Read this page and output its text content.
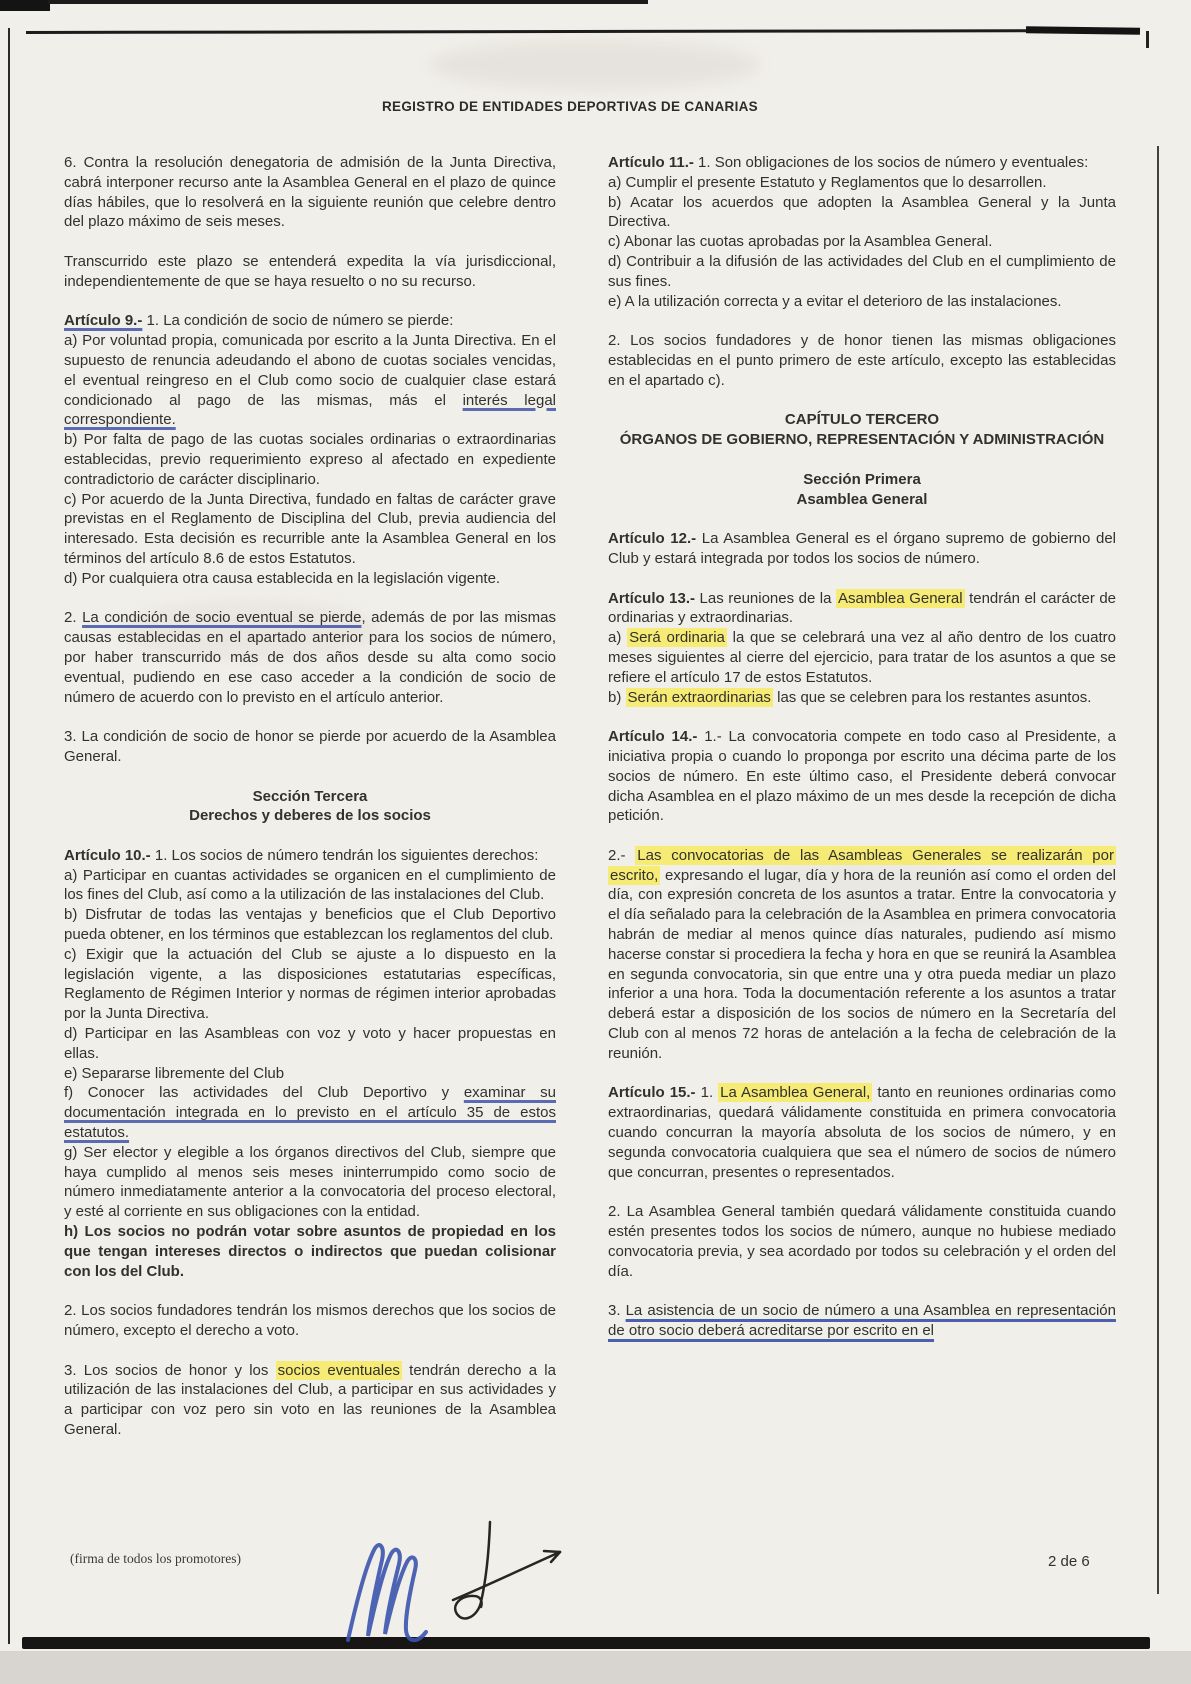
REGISTRO DE ENTIDADES DEPORTIVAS DE CANARIAS

6. Contra la resolución denegatoria de admisión de la Junta Directiva, cabrá interponer recurso ante la Asamblea General en el plazo de quince días hábiles, que lo resolverá en la siguiente reunión que celebre dentro del plazo máximo de seis meses.

Transcurrido este plazo se entenderá expedita la vía jurisdiccional, independientemente de que se haya resuelto o no su recurso.

Artículo 9.- 1. La condición de socio de número se pierde:

a) Por voluntad propia, comunicada por escrito a la Junta Directiva. En el supuesto de renuncia adeudando el abono de cuotas sociales vencidas, el eventual reingreso en el Club como socio de cualquier clase estará condicionado al pago de las mismas, más el interés legal correspondiente.

b) Por falta de pago de las cuotas sociales ordinarias o extraordinarias establecidas, previo requerimiento expreso al afectado en expediente contradictorio de carácter disciplinario.

c) Por acuerdo de la Junta Directiva, fundado en faltas de carácter grave previstas en el Reglamento de Disciplina del Club, previa audiencia del interesado. Esta decisión es recurrible ante la Asamblea General en los términos del artículo 8.6 de estos Estatutos.

d) Por cualquiera otra causa establecida en la legislación vigente.

2. La condición de socio eventual se pierde, además de por las mismas causas establecidas en el apartado anterior para los socios de número, por haber transcurrido más de dos años desde su alta como socio eventual, pudiendo en ese caso acceder a la condición de socio de número de acuerdo con lo previsto en el artículo anterior.

3. La condición de socio de honor se pierde por acuerdo de la Asamblea General.

Sección Tercera

Derechos y deberes de los socios

Artículo 10.- 1. Los socios de número tendrán los siguientes derechos:

a) Participar en cuantas actividades se organicen en el cumplimiento de los fines del Club, así como a la utilización de las instalaciones del Club.

b) Disfrutar de todas las ventajas y beneficios que el Club Deportivo pueda obtener, en los términos que establezcan los reglamentos del club.

c) Exigir que la actuación del Club se ajuste a lo dispuesto en la legislación vigente, a las disposiciones estatutarias específicas, Reglamento de Régimen Interior y normas de régimen interior aprobadas por la Junta Directiva.

d) Participar en las Asambleas con voz y voto y hacer propuestas en ellas.

e) Separarse libremente del Club

f) Conocer las actividades del Club Deportivo y examinar su documentación integrada en lo previsto en el artículo 35 de estos estatutos.

g) Ser elector y elegible a los órganos directivos del Club, siempre que haya cumplido al menos seis meses ininterrumpido como socio de número inmediatamente anterior a la convocatoria del proceso electoral, y esté al corriente en sus obligaciones con la entidad.

h) Los socios no podrán votar sobre asuntos de propiedad en los que tengan intereses directos o indirectos que puedan colisionar con los del Club.

2. Los socios fundadores tendrán los mismos derechos que los socios de número, excepto el derecho a voto.

3. Los socios de honor y los socios eventuales tendrán derecho a la utilización de las instalaciones del Club, a participar en sus actividades y a participar con voz pero sin voto en las reuniones de la Asamblea General.

Artículo 11.- 1. Son obligaciones de los socios de número y eventuales:

a) Cumplir el presente Estatuto y Reglamentos que lo desarrollen.

b) Acatar los acuerdos que adopten la Asamblea General y la Junta Directiva.

c) Abonar las cuotas aprobadas por la Asamblea General.

d) Contribuir a la difusión de las actividades del Club en el cumplimiento de sus fines.

e) A la utilización correcta y a evitar el deterioro de las instalaciones.

2. Los socios fundadores y de honor tienen las mismas obligaciones establecidas en el punto primero de este artículo, excepto las establecidas en el apartado c).

CAPÍTULO TERCERO

ÓRGANOS DE GOBIERNO, REPRESENTACIÓN Y ADMINISTRACIÓN

Sección Primera

Asamblea General

Artículo 12.- La Asamblea General es el órgano supremo de gobierno del Club y estará integrada por todos los socios de número.

Artículo 13.- Las reuniones de la Asamblea General tendrán el carácter de ordinarias y extraordinarias.

a) Será ordinaria la que se celebrará una vez al año dentro de los cuatro meses siguientes al cierre del ejercicio, para tratar de los asuntos a que se refiere el artículo 17 de estos Estatutos.

b) Serán extraordinarias las que se celebren para los restantes asuntos.

Artículo 14.- 1.- La convocatoria compete en todo caso al Presidente, a iniciativa propia o cuando lo proponga por escrito una décima parte de los socios de número. En este último caso, el Presidente deberá convocar dicha Asamblea en el plazo máximo de un mes desde la recepción de dicha petición.

2.- Las convocatorias de las Asambleas Generales se realizarán por escrito, expresando el lugar, día y hora de la reunión así como el orden del día, con expresión concreta de los asuntos a tratar. Entre la convocatoria y el día señalado para la celebración de la Asamblea en primera convocatoria habrán de mediar al menos quince días naturales, pudiendo así mismo hacerse constar si procediera la fecha y hora en que se reunirá la Asamblea en segunda convocatoria, sin que entre una y otra pueda mediar un plazo inferior a una hora. Toda la documentación referente a los asuntos a tratar deberá estar a disposición de los socios de número en la Secretaría del Club con al menos 72 horas de antelación a la fecha de celebración de la reunión.

Artículo 15.- 1. La Asamblea General, tanto en reuniones ordinarias como extraordinarias, quedará válidamente constituida en primera convocatoria cuando concurran la mayoría absoluta de los socios de número, y en segunda convocatoria cualquiera que sea el número de socios de número que concurran, presentes o representados.

2. La Asamblea General también quedará válidamente constituida cuando estén presentes todos los socios de número, aunque no hubiese mediado convocatoria previa, y sea acordado por todos su celebración y el orden del día.

3. La asistencia de un socio de número a una Asamblea en representación de otro socio deberá acreditarse por escrito en el

(firma de todos los promotores)	2 de 6
